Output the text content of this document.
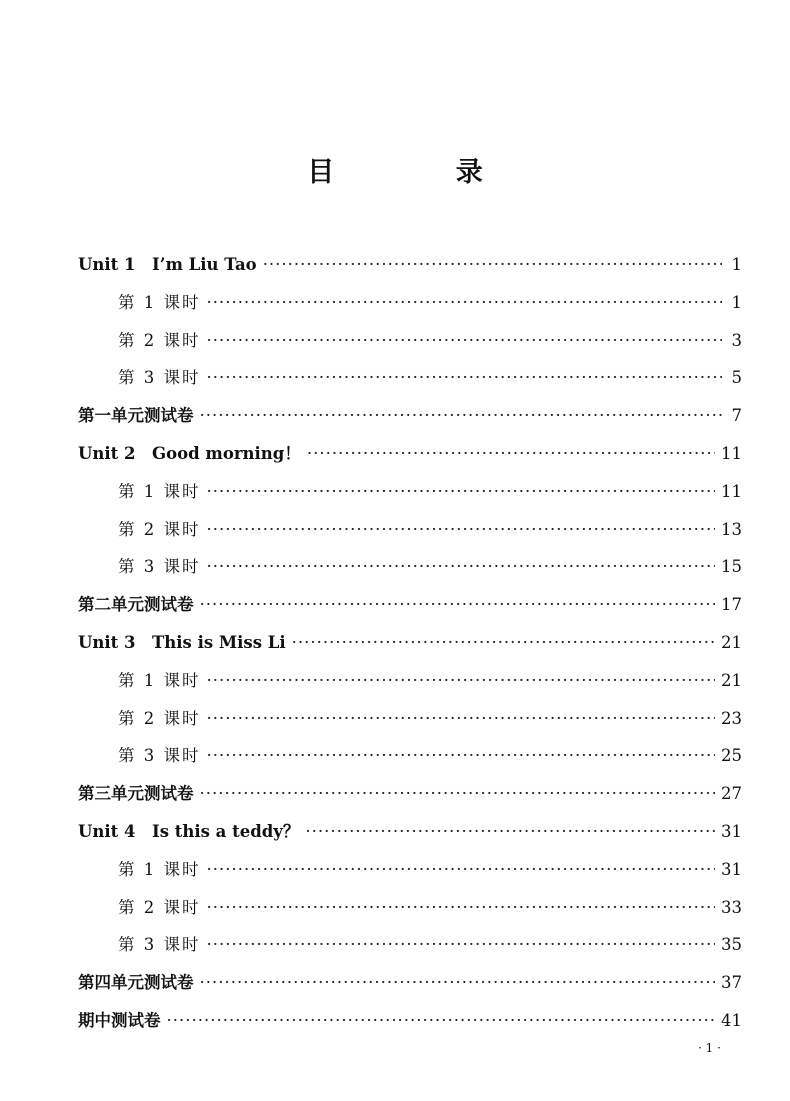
目 录
Unit 1　I’m Liu Tao ·····	1
第 1 课时 ·····	1
第 2 课时 ·····	3
第 3 课时 ·····	5
第一单元测试卷 ·····	7
Unit 2　Good morning！ ·····	11
第 1 课时 ·····	11
第 2 课时 ·····	13
第 3 课时 ·····	15
第二单元测试卷 ·····	17
Unit 3　This is Miss Li ·····	21
第 1 课时 ·····	21
第 2 课时 ·····	23
第 3 课时 ·····	25
第三单元测试卷 ·····	27
Unit 4　Is this a teddy？ ·····	31
第 1 课时 ·····	31
第 2 课时 ·····	33
第 3 课时 ·····	35
第四单元测试卷 ·····	37
期中测试卷 ·····	41
· 1 ·
